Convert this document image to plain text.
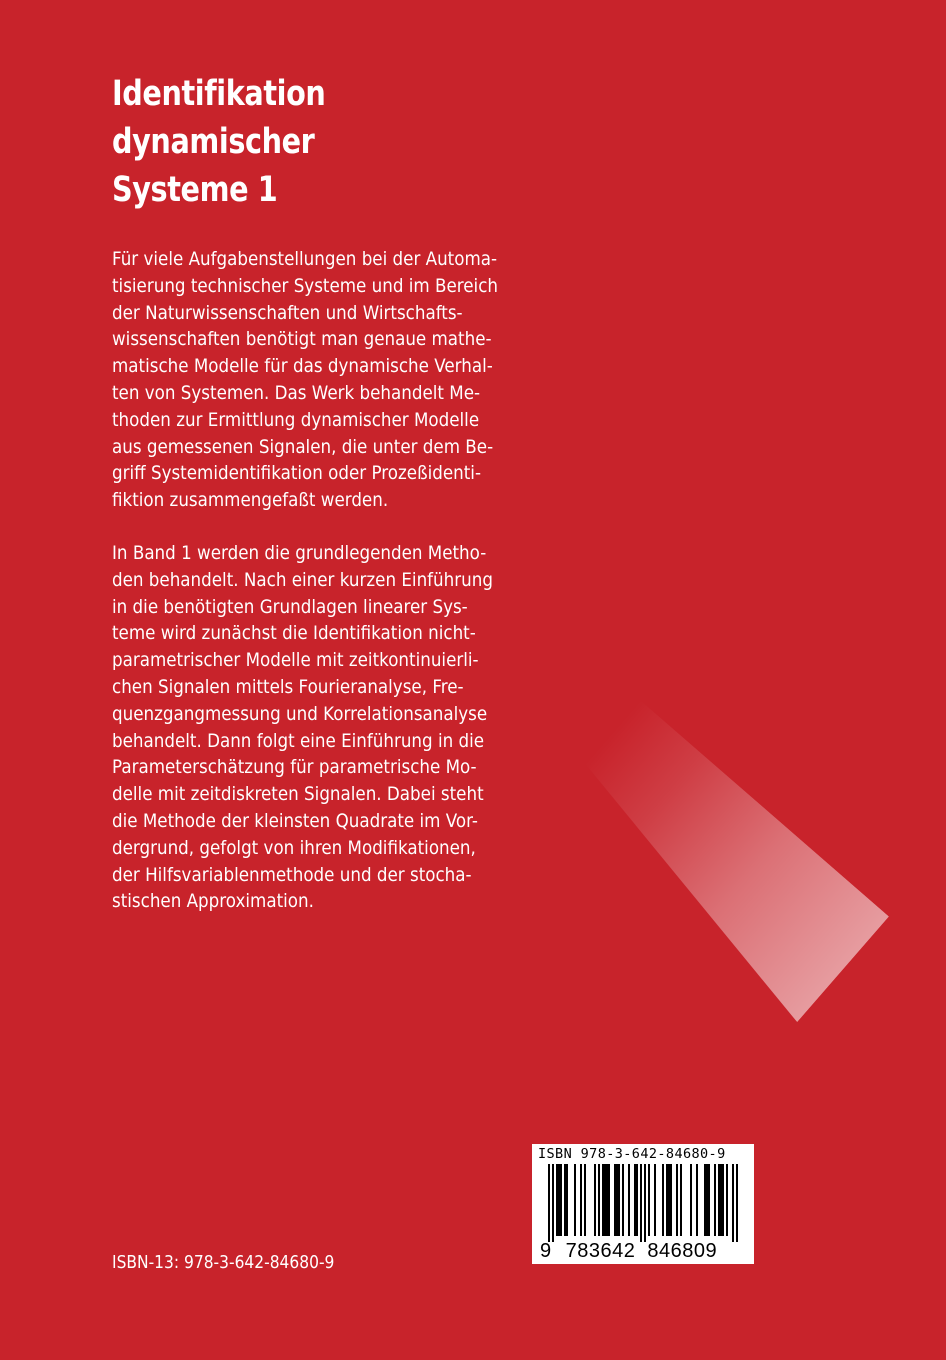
Identifikation
dynamischer
Systeme 1
Für viele Aufgabenstellungen bei der Automa-
tisierung technischer Systeme und im Bereich
der Naturwissenschaften und Wirtschafts-
wissenschaften benötigt man genaue mathe-
matische Modelle für das dynamische Verhal-
ten von Systemen. Das Werk behandelt Me-
thoden zur Ermittlung dynamischer Modelle
aus gemessenen Signalen, die unter dem Be-
griff Systemidentifikation oder Prozeßidenti-
fiktion zusammengefaßt werden.
In Band 1 werden die grundlegenden Metho-
den behandelt. Nach einer kurzen Einführung
in die benötigten Grundlagen linearer Sys-
teme wird zunächst die Identifikation nicht-
parametrischer Modelle mit zeitkontinuierli-
chen Signalen mittels Fourieranalyse, Fre-
quenzgangmessung und Korrelationsanalyse
behandelt. Dann folgt eine Einführung in die
Parameterschätzung für parametrische Mo-
delle mit zeitdiskreten Signalen. Dabei steht
die Methode der kleinsten Quadrate im Vor-
dergrund, gefolgt von ihren Modifikationen,
der Hilfsvariablenmethode und der stocha-
stischen Approximation.
ISBN-13: 978-3-642-84680-9
ISBN 978-3-642-84680-9
9 783642 846809
